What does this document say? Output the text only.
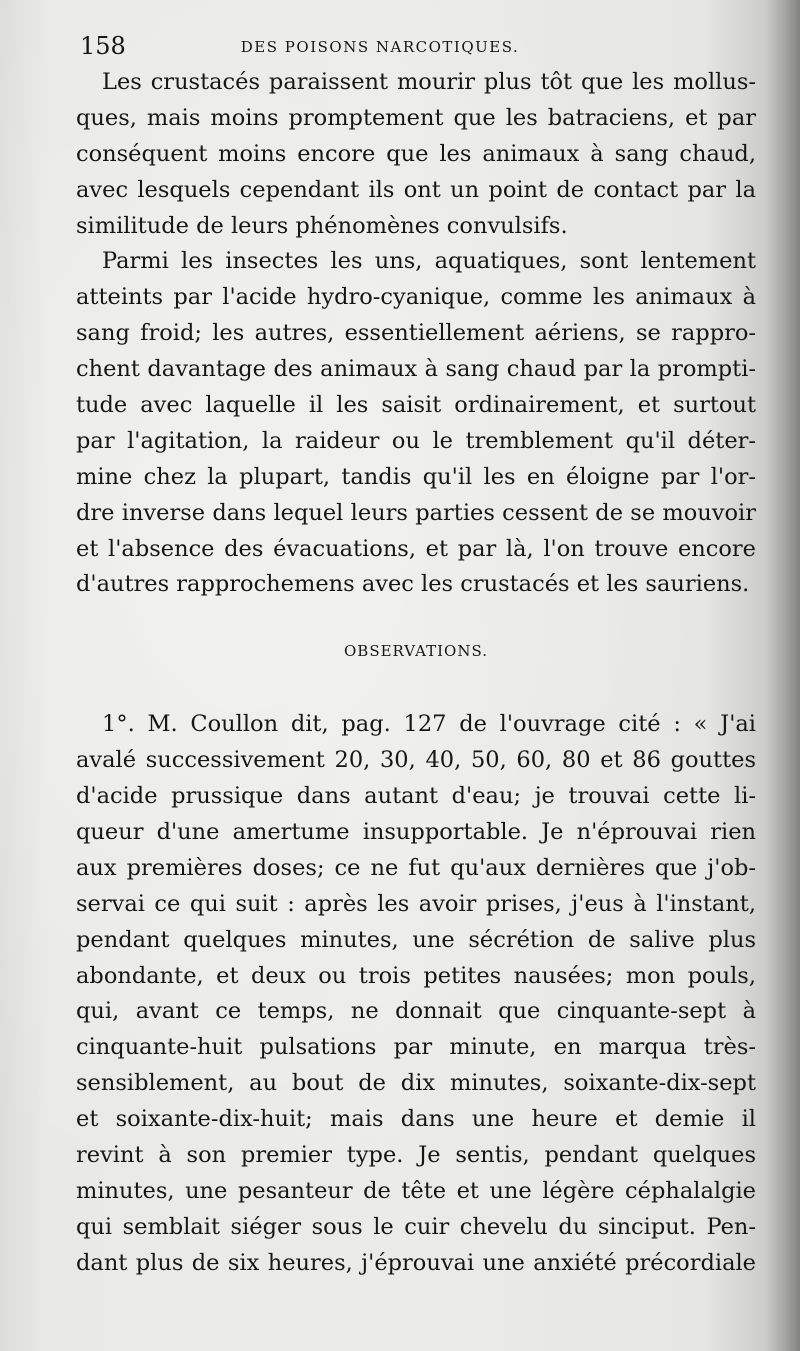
158	DES POISONS NARCOTIQUES.
Les crustacés paraissent mourir plus tôt que les mollus-
ques, mais moins promptement que les batraciens, et par
conséquent moins encore que les animaux à sang chaud,
avec lesquels cependant ils ont un point de contact par la
similitude de leurs phénomènes convulsifs.
Parmi les insectes les uns, aquatiques, sont lentement
atteints par l'acide hydro-cyanique, comme les animaux à
sang froid; les autres, essentiellement aériens, se rappro-
chent davantage des animaux à sang chaud par la prompti-
tude avec laquelle il les saisit ordinairement, et surtout
par l'agitation, la raideur ou le tremblement qu'il déter-
mine chez la plupart, tandis qu'il les en éloigne par l'or-
dre inverse dans lequel leurs parties cessent de se mouvoir
et l'absence des évacuations, et par là, l'on trouve encore
d'autres rapprochemens avec les crustacés et les sauriens.
OBSERVATIONS.
1°. M. Coullon dit, pag. 127 de l'ouvrage cité : « J'ai
avalé successivement 20, 30, 40, 50, 60, 80 et 86 gouttes
d'acide prussique dans autant d'eau; je trouvai cette li-
queur d'une amertume insupportable. Je n'éprouvai rien
aux premières doses; ce ne fut qu'aux dernières que j'ob-
servai ce qui suit : après les avoir prises, j'eus à l'instant,
pendant quelques minutes, une sécrétion de salive plus
abondante, et deux ou trois petites nausées; mon pouls,
qui, avant ce temps, ne donnait que cinquante-sept à
cinquante-huit pulsations par minute, en marqua très-
sensiblement, au bout de dix minutes, soixante-dix-sept
et soixante-dix-huit; mais dans une heure et demie il
revint à son premier type. Je sentis, pendant quelques
minutes, une pesanteur de tête et une légère céphalalgie
qui semblait siéger sous le cuir chevelu du sinciput. Pen-
dant plus de six heures, j'éprouvai une anxiété précordiale
